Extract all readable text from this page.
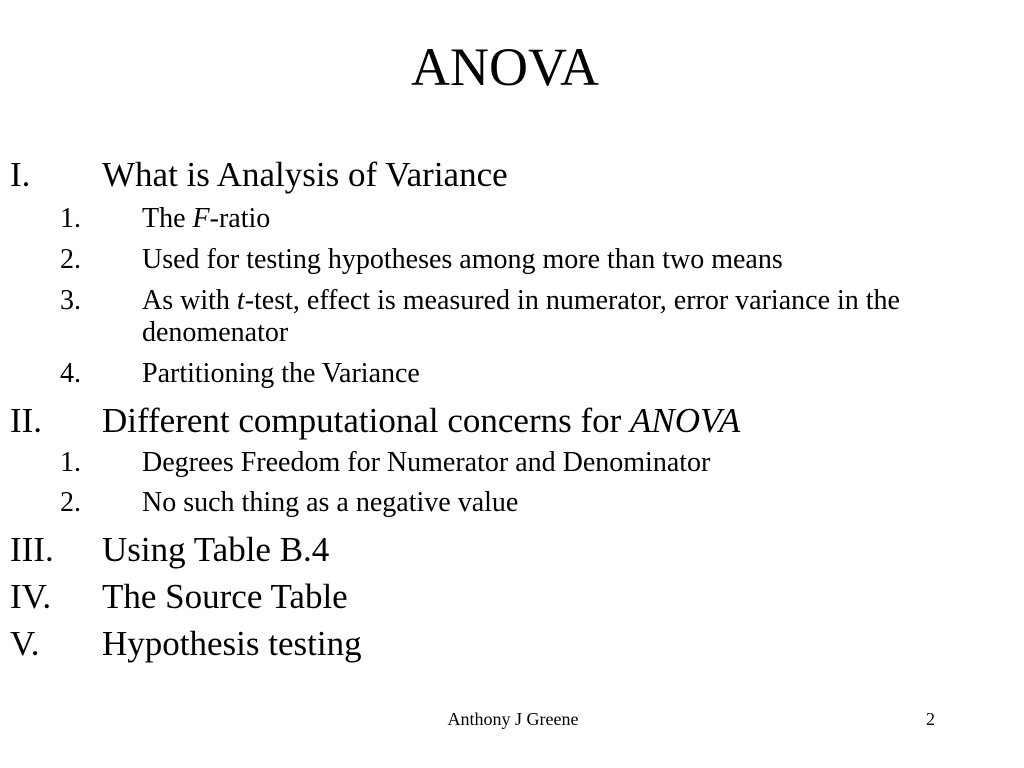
ANOVA
I. What is Analysis of Variance
1. The F-ratio
2. Used for testing hypotheses among more than two means
3. As with t-test, effect is measured in numerator, error variance in the denomenator
4. Partitioning the Variance
II. Different computational concerns for ANOVA
1. Degrees Freedom for Numerator and Denominator
2. No such thing as a negative value
III. Using Table B.4
IV. The Source Table
V. Hypothesis testing
Anthony J Greene	2
